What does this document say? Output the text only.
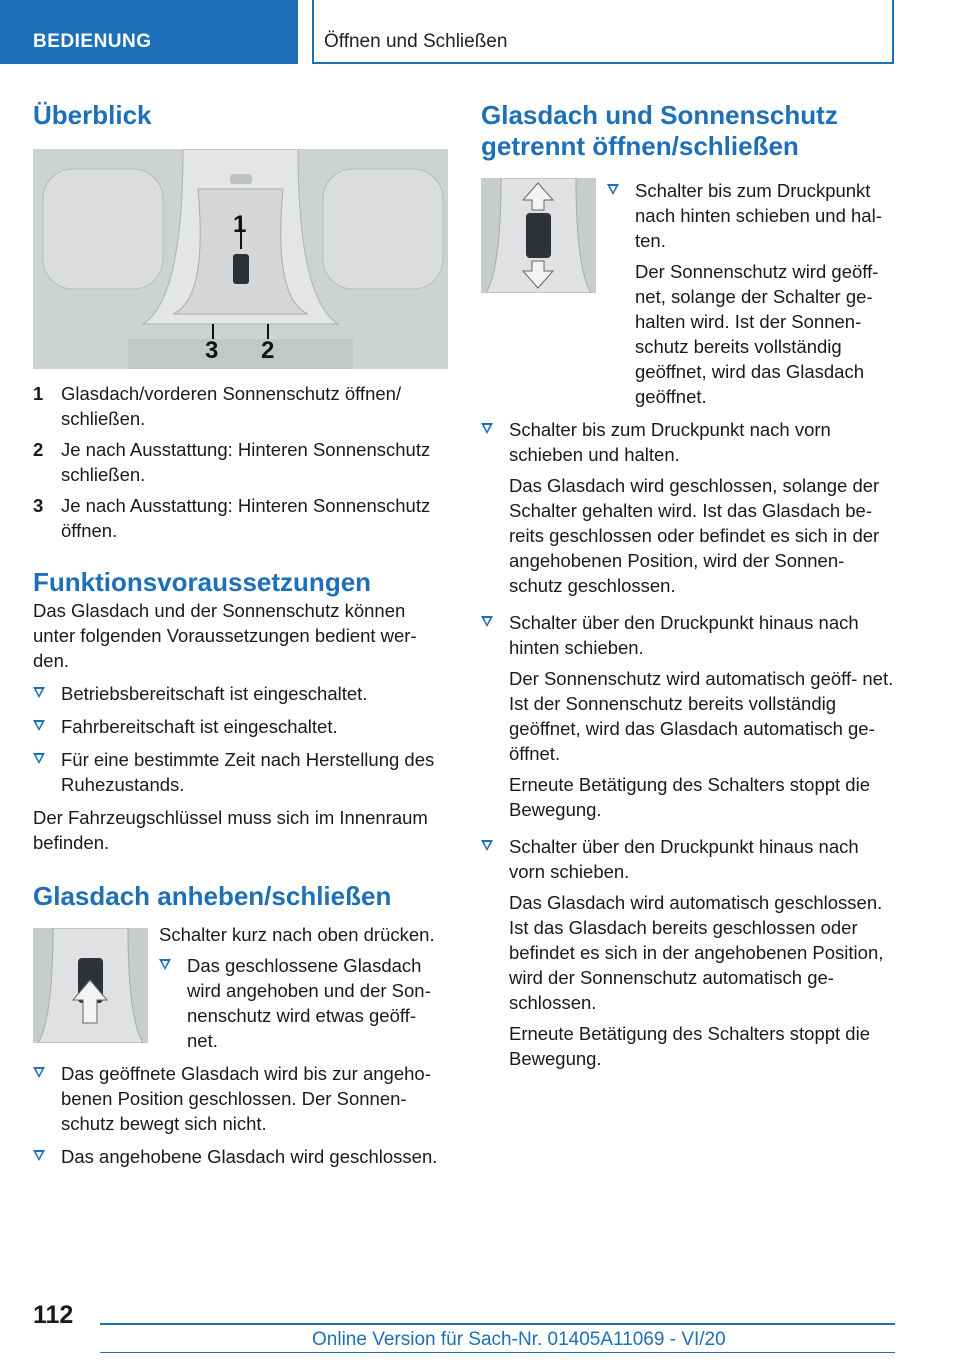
BEDIENUNG	Öffnen und Schließen
Überblick
1
3 2
1 Glasdach/vorderen Sonnenschutz öffnen/ schließen.
2 Je nach Ausstattung: Hinteren Sonnenschutz schließen.
3 Je nach Ausstattung: Hinteren Sonnenschutz öffnen.
Funktionsvoraussetzungen

Das Glasdach und der Sonnenschutz können unter folgenden Voraussetzungen bedient wer‐ den.

Betriebsbereitschaft ist eingeschaltet.
Fahrbereitschaft ist eingeschaltet.
Für eine bestimmte Zeit nach Herstellung des Ruhezustands.

Der Fahrzeugschlüssel muss sich im Innenraum befinden.

Glasdach anheben/schließen

Schalter kurz nach oben drücken.

Das geschlossene Glasdach wird angehoben und der Son‐ nenschutz wird etwas geöff‐ net.
Das geöffnete Glasdach wird bis zur angeho‐ benen Position geschlossen. Der Sonnen‐ schutz bewegt sich nicht.
Das angehobene Glasdach wird geschlossen.
Glasdach und Sonnenschutz getrennt öffnen/schließen
Schalter bis zum Druckpunkt nach hinten schieben und hal‐ ten.

Der Sonnenschutz wird geöff‐ net, solange der Schalter ge‐ halten wird. Ist der Sonnen‐ schutz bereits vollständig geöffnet, wird das Glasdach geöffnet.

Schalter bis zum Druckpunkt nach vorn schieben und halten.

Das Glasdach wird geschlossen, solange der Schalter gehalten wird. Ist das Glasdach be‐ reits geschlossen oder befindet es sich in der angehobenen Position, wird der Sonnen‐ schutz geschlossen.

Schalter über den Druckpunkt hinaus nach hinten schieben.

Der Sonnenschutz wird automatisch geöff‐ net. Ist der Sonnenschutz bereits vollständig geöffnet, wird das Glasdach automatisch ge‐ öffnet.

Erneute Betätigung des Schalters stoppt die Bewegung.

Schalter über den Druckpunkt hinaus nach vorn schieben.

Das Glasdach wird automatisch geschlossen. Ist das Glasdach bereits geschlossen oder befindet es sich in der angehobenen Position, wird der Sonnenschutz automatisch ge‐ schlossen.

Erneute Betätigung des Schalters stoppt die Bewegung.

112
Online Version für Sach-Nr. 01405A11069 - VI/20
